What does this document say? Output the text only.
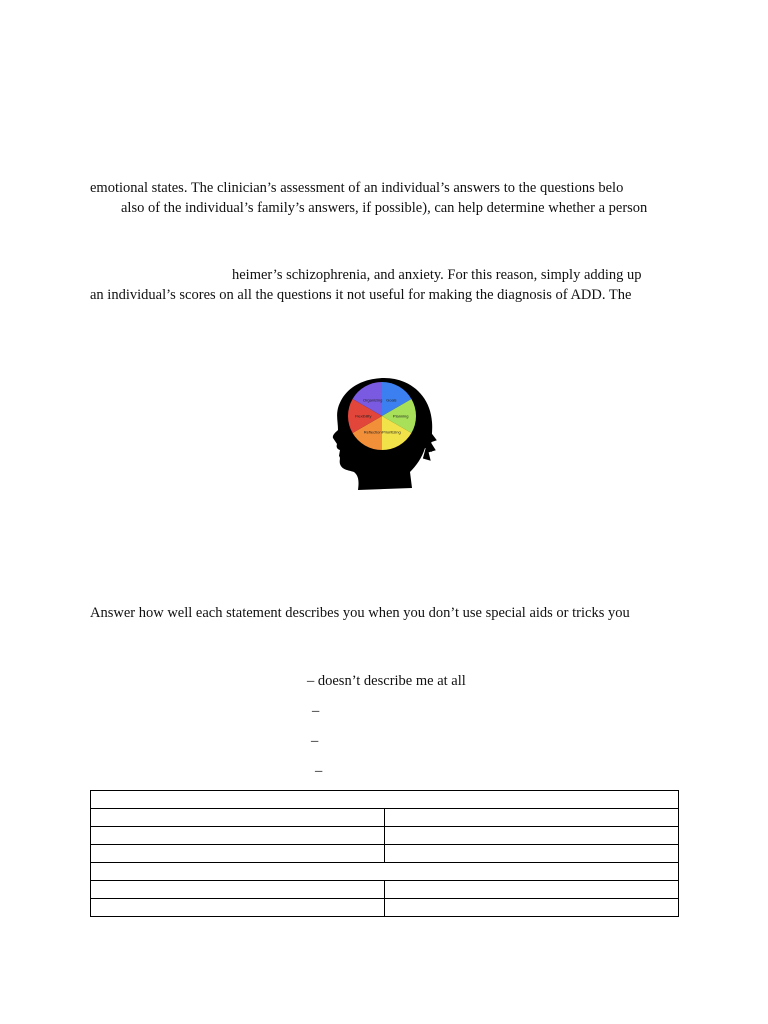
emotional states. The clinician’s assessment of an individual’s answers to the questions belo
also of the individual’s family’s answers, if possible), can help determine whether a person
heimer’s schizophrenia, and anxiety. For this reason, simply adding up
an individual’s scores on all the questions it not useful for making the diagnosis of ADD. The
Goals
Planning
Prioritizing
Reflection
Flexibility
Organizing
Answer how well each statement describes you when you don’t use special aids or tricks you
– doesn’t describe me at all
–
–
–
